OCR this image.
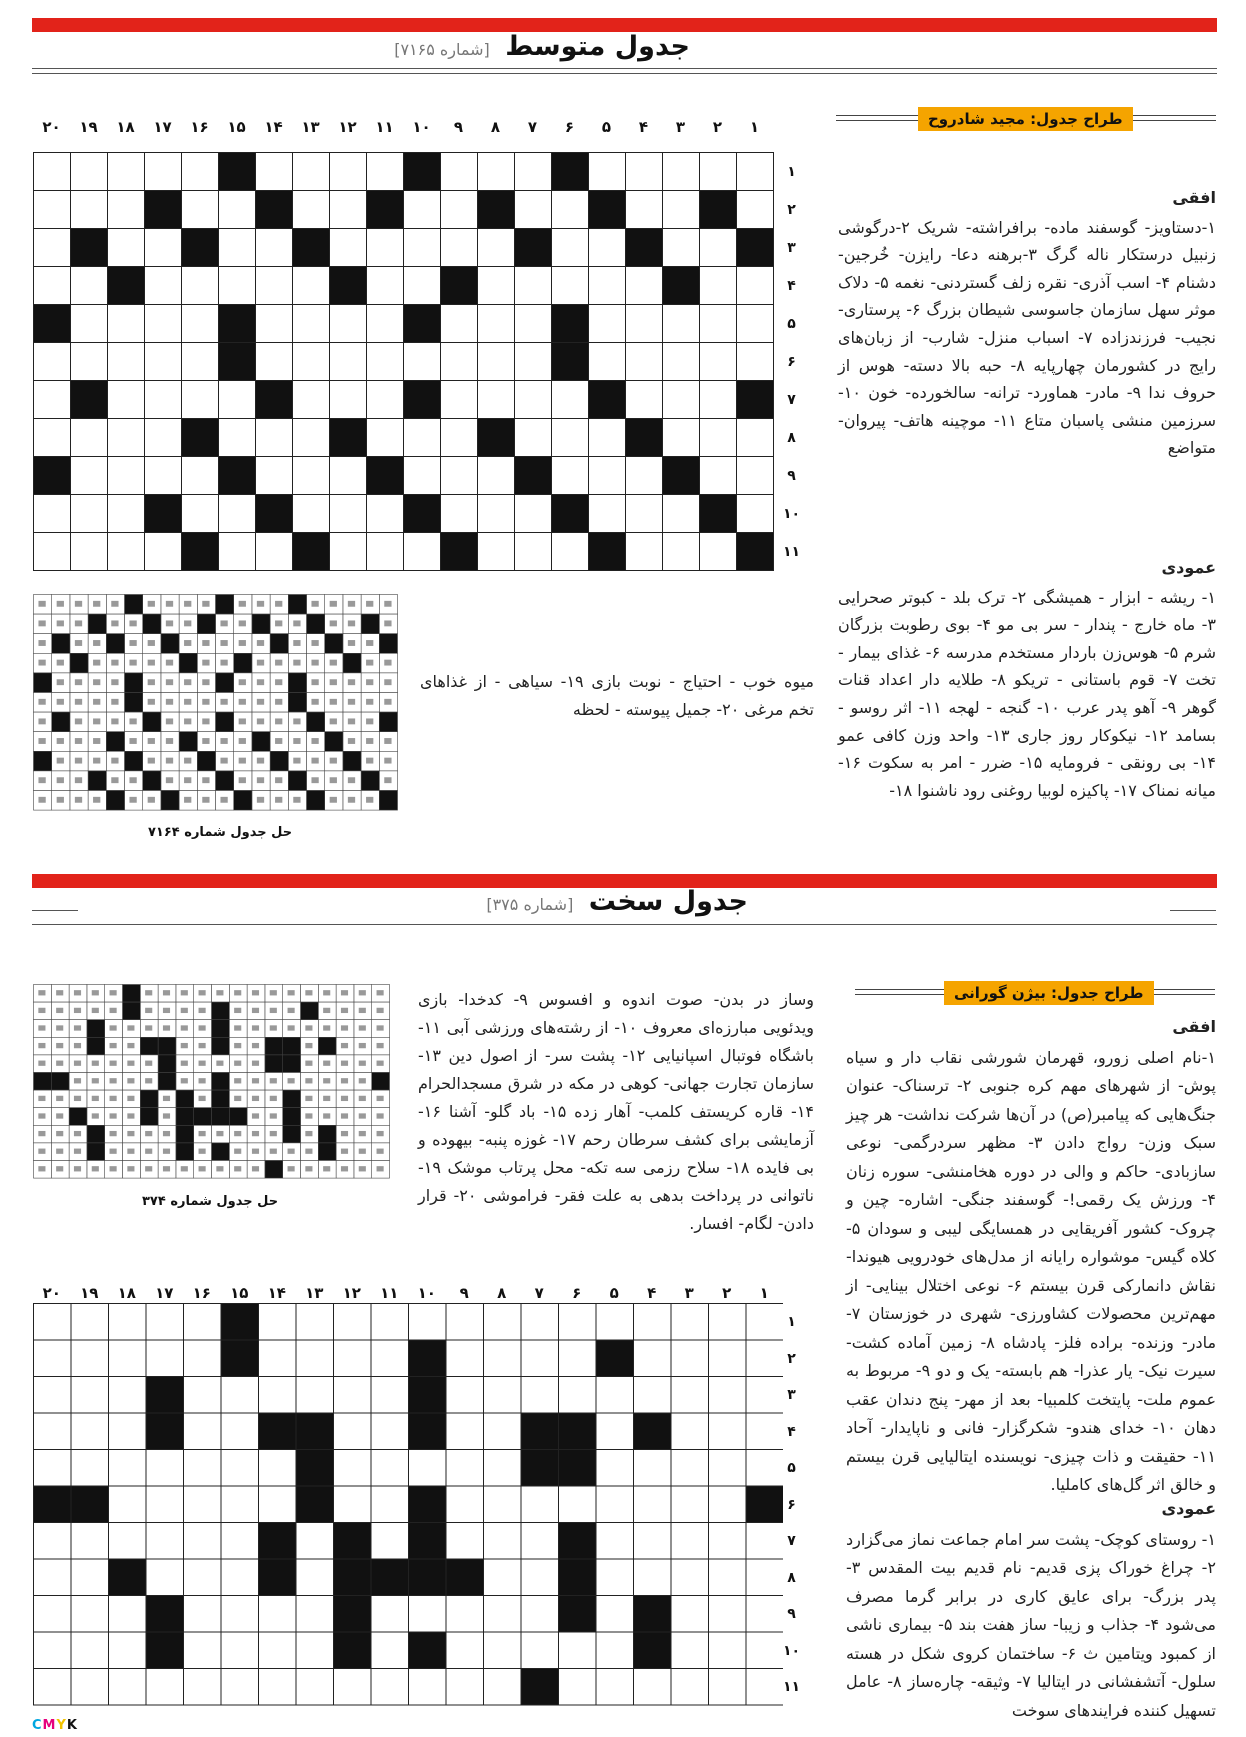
جدول متوسط [شماره ۷۱۶۵]
طراح جدول: مجید شادروح
افقی

۱-دستاویز- گوسفند ماده- برافراشته- شریک ۲-درگوشی زنبیل درستکار ناله گرگ ۳-برهنه دعا- رایزن- خُرجین- دشنام ۴- اسب آذری- نقره زلف گستردنی- نغمه ۵- دلاک موثر سهل سازمان جاسوسی شیطان بزرگ ۶- پرستاری- نجیب- فرزندزاده ۷- اسباب منزل- شارب- از زبان‌های رایج در کشورمان چهارپایه ۸- حبه بالا دسته- هوس از حروف ندا ۹- مادر- هماورد- ترانه- سالخورده- خون ۱۰- سرزمین منشی پاسبان متاع ۱۱- موچینه هاتف- پیروان- متواضع

عمودی

۱- ریشه - ابزار - همیشگی ۲- ترک بلد - کبوتر صحرایی ۳- ماه خارج - پندار - سر بی مو ۴- بوی رطوبت بزرگان شرم ۵- هوس‌زن باردار مستخدم مدرسه ۶- غذای بیمار - تخت ۷- قوم باستانی - تریکو ۸- طلایه دار اعداد قنات گوهر ۹- آهو پدر عرب ۱۰- گنجه - لهجه ۱۱- اثر روسو - بسامد ۱۲- نیکوکار روز جاری ۱۳- واحد وزن کافی عمو ۱۴- بی رونقی - فرومایه ۱۵- ضرر - امر به سکوت ۱۶- میانه نمناک ۱۷- پاکیزه لوبیا روغنی رود ناشنوا ۱۸-

میوه خوب - احتیاج - نوبت بازی ۱۹- سیاهی - از غذاهای تخم مرغی ۲۰- جمیل پیوسته - لحظه

۲۰	۱۹	۱۸	۱۷	۱۶	۱۵	۱۴	۱۳	۱۲	۱۱	۱۰	۹	۸	۷	۶	۵	۴	۳	۲	۱
۱
۲
۳
۴
۵
۶
۷
۸
۹
۱۰
۱۱
حل جدول شماره ۷۱۶۴
جدول سخت [شماره ۳۷۵]
طراح جدول: بیژن گورانی
افقی

۱-نام اصلی زورو، قهرمان شورشی نقاب دار و سیاه پوش- از شهرهای مهم کره جنوبی ۲- ترسناک- عنوان جنگ‌هایی که پیامبر(ص) در آن‌ها شرکت نداشت- هر چیز سبک وزن- رواج دادن ۳- مظهر سردرگمی- نوعی سازبادی- حاکم و والی در دوره هخامنشی- سوره زنان ۴- ورزش یک رقمی!- گوسفند جنگی- اشاره- چین و چروک- کشور آفریقایی در همسایگی لیبی و سودان ۵- کلاه گیس- موشواره رایانه از مدل‌های خودرویی هیوندا- نقاش دانمارکی قرن بیستم ۶- نوعی اختلال بینایی- از مهم‌ترین محصولات کشاورزی- شهری در خوزستان ۷- مادر- وزنده- براده فلز- پادشاه ۸- زمین آماده کشت- سیرت نیک- یار عذرا- هم بابسته- یک و دو ۹- مربوط به عموم ملت- پایتخت کلمبیا- بعد از مهر- پنج دندان عقب دهان ۱۰- خدای هندو- شکرگزار- فانی و ناپایدار- آحاد ۱۱- حقیقت و ذات چیزی- نویسنده ایتالیایی قرن بیستم و خالق اثر گل‌های کاملیا.

عمودی

۱- روستای کوچک- پشت سر امام جماعت نماز می‌گزارد ۲- چراغ خوراک پزی قدیم- نام قدیم بیت المقدس ۳- پدر بزرگ- برای عایق کاری در برابر گرما مصرف می‌شود ۴- جذاب و زیبا- ساز هفت بند ۵- بیماری ناشی از کمبود ویتامین ث ۶- ساختمان کروی شکل در هسته سلول- آتشفشانی در ایتالیا ۷- وثیقه- چاره‌ساز ۸- عامل تسهیل کننده فرایندهای سوخت

وساز در بدن- صوت اندوه و افسوس ۹- کدخدا- بازی ویدئویی مبارزه‌ای معروف ۱۰- از رشته‌های ورزشی آبی ۱۱- باشگاه فوتبال اسپانیایی ۱۲- پشت سر- از اصول دین ۱۳- سازمان تجارت جهانی- کوهی در مکه در شرق مسجدالحرام ۱۴- قاره کریستف کلمب- آهار زده ۱۵- باد گلو- آشنا ۱۶- آزمایشی برای کشف سرطان رحم ۱۷- غوزه پنبه- بیهوده و بی فایده ۱۸- سلاح رزمی سه تکه- محل پرتاب موشک ۱۹- ناتوانی در پرداخت بدهی به علت فقر- فراموشی ۲۰- قرار دادن- لگام- افسار.

حل جدول شماره ۳۷۴
۲۰	۱۹	۱۸	۱۷	۱۶	۱۵	۱۴	۱۳	۱۲	۱۱	۱۰	۹	۸	۷	۶	۵	۴	۳	۲	۱
۱
۲
۳
۴
۵
۶
۷
۸
۹
۱۰
۱۱
CMYK
